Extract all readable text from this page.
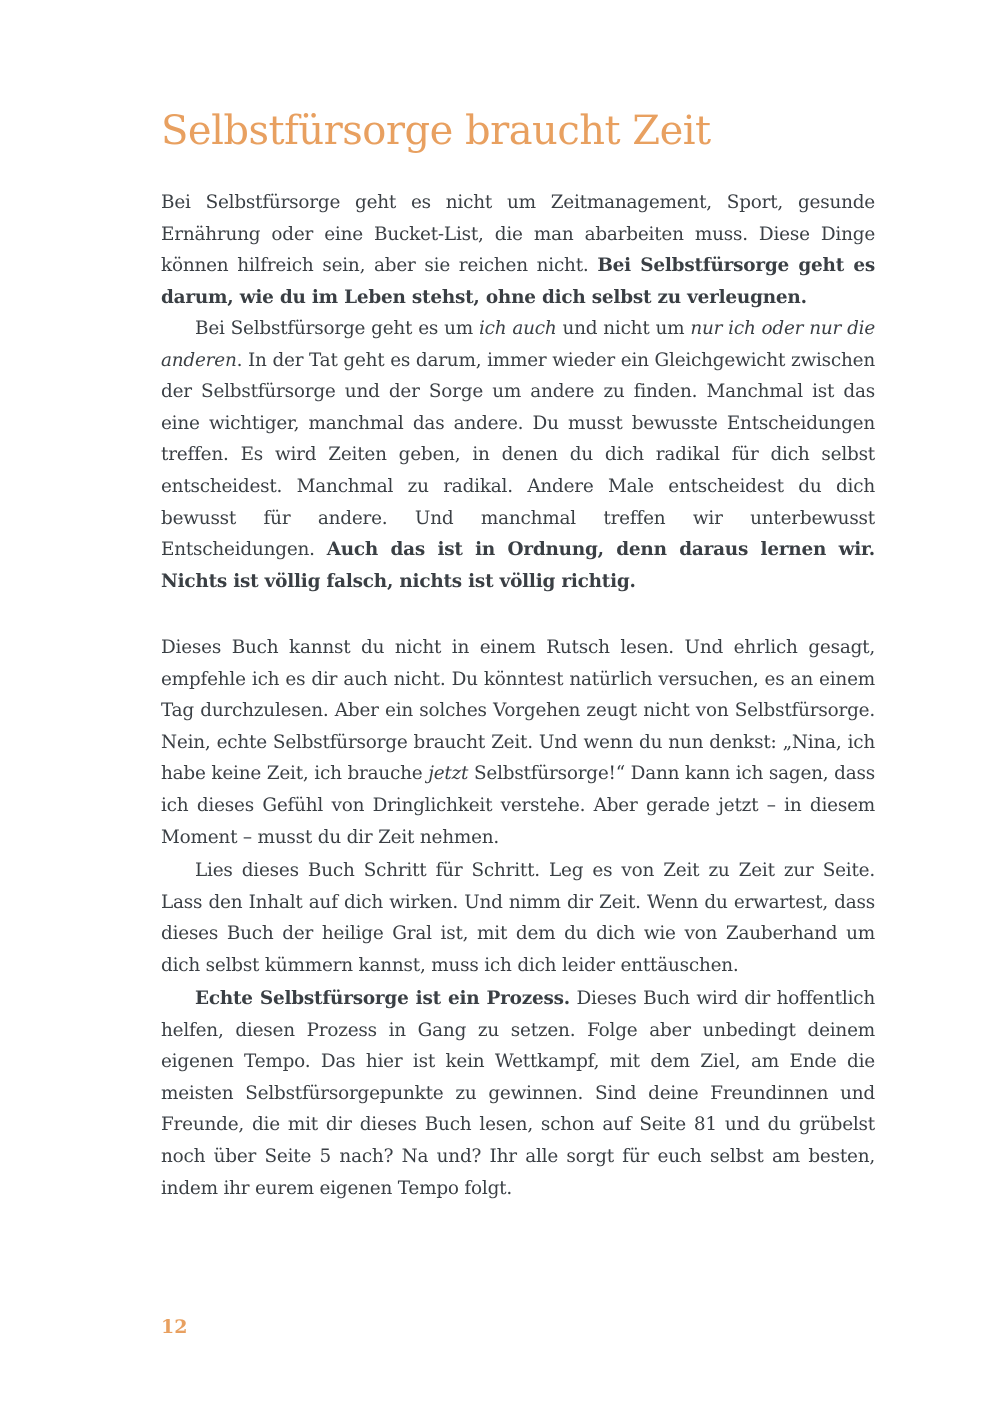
Selbstfürsorge braucht Zeit

Bei Selbstfürsorge geht es nicht um Zeitmanagement, Sport, gesunde Ernährung oder eine Bucket-List, die man abarbeiten muss. Diese Dinge können hilfreich sein, aber sie reichen nicht. Bei Selbstfürsorge geht es darum, wie du im Leben stehst, ohne dich selbst zu verleugnen.

Bei Selbstfürsorge geht es um ich auch und nicht um nur ich oder nur die anderen. In der Tat geht es darum, immer wieder ein Gleichgewicht zwischen der Selbstfürsorge und der Sorge um andere zu finden. Manchmal ist das eine wichtiger, manchmal das andere. Du musst bewusste Entscheidungen treffen. Es wird Zeiten geben, in denen du dich radikal für dich selbst entscheidest. Manchmal zu radikal. Andere Male entscheidest du dich bewusst für andere. Und manchmal treffen wir unterbewusst Entscheidungen. Auch das ist in Ordnung, denn daraus lernen wir. Nichts ist völlig falsch, nichts ist völlig richtig.

Dieses Buch kannst du nicht in einem Rutsch lesen. Und ehrlich gesagt, empfehle ich es dir auch nicht. Du könntest natürlich versuchen, es an einem Tag durchzulesen. Aber ein solches Vorgehen zeugt nicht von Selbstfürsorge. Nein, echte Selbstfürsorge braucht Zeit. Und wenn du nun denkst: „Nina, ich habe keine Zeit, ich brauche jetzt Selbstfürsorge!“ Dann kann ich sagen, dass ich dieses Gefühl von Dringlichkeit verstehe. Aber gerade jetzt – in diesem Moment – musst du dir Zeit nehmen.

Lies dieses Buch Schritt für Schritt. Leg es von Zeit zu Zeit zur Seite. Lass den Inhalt auf dich wirken. Und nimm dir Zeit. Wenn du erwartest, dass dieses Buch der heilige Gral ist, mit dem du dich wie von Zauberhand um dich selbst kümmern kannst, muss ich dich leider enttäuschen.

Echte Selbstfürsorge ist ein Prozess. Dieses Buch wird dir hoffentlich helfen, diesen Prozess in Gang zu setzen. Folge aber unbedingt deinem eigenen Tempo. Das hier ist kein Wettkampf, mit dem Ziel, am Ende die meisten Selbstfürsorgepunkte zu gewinnen. Sind deine Freundinnen und Freunde, die mit dir dieses Buch lesen, schon auf Seite 81 und du grübelst noch über Seite 5 nach? Na und? Ihr alle sorgt für euch selbst am besten, indem ihr eurem eigenen Tempo folgt.

12
